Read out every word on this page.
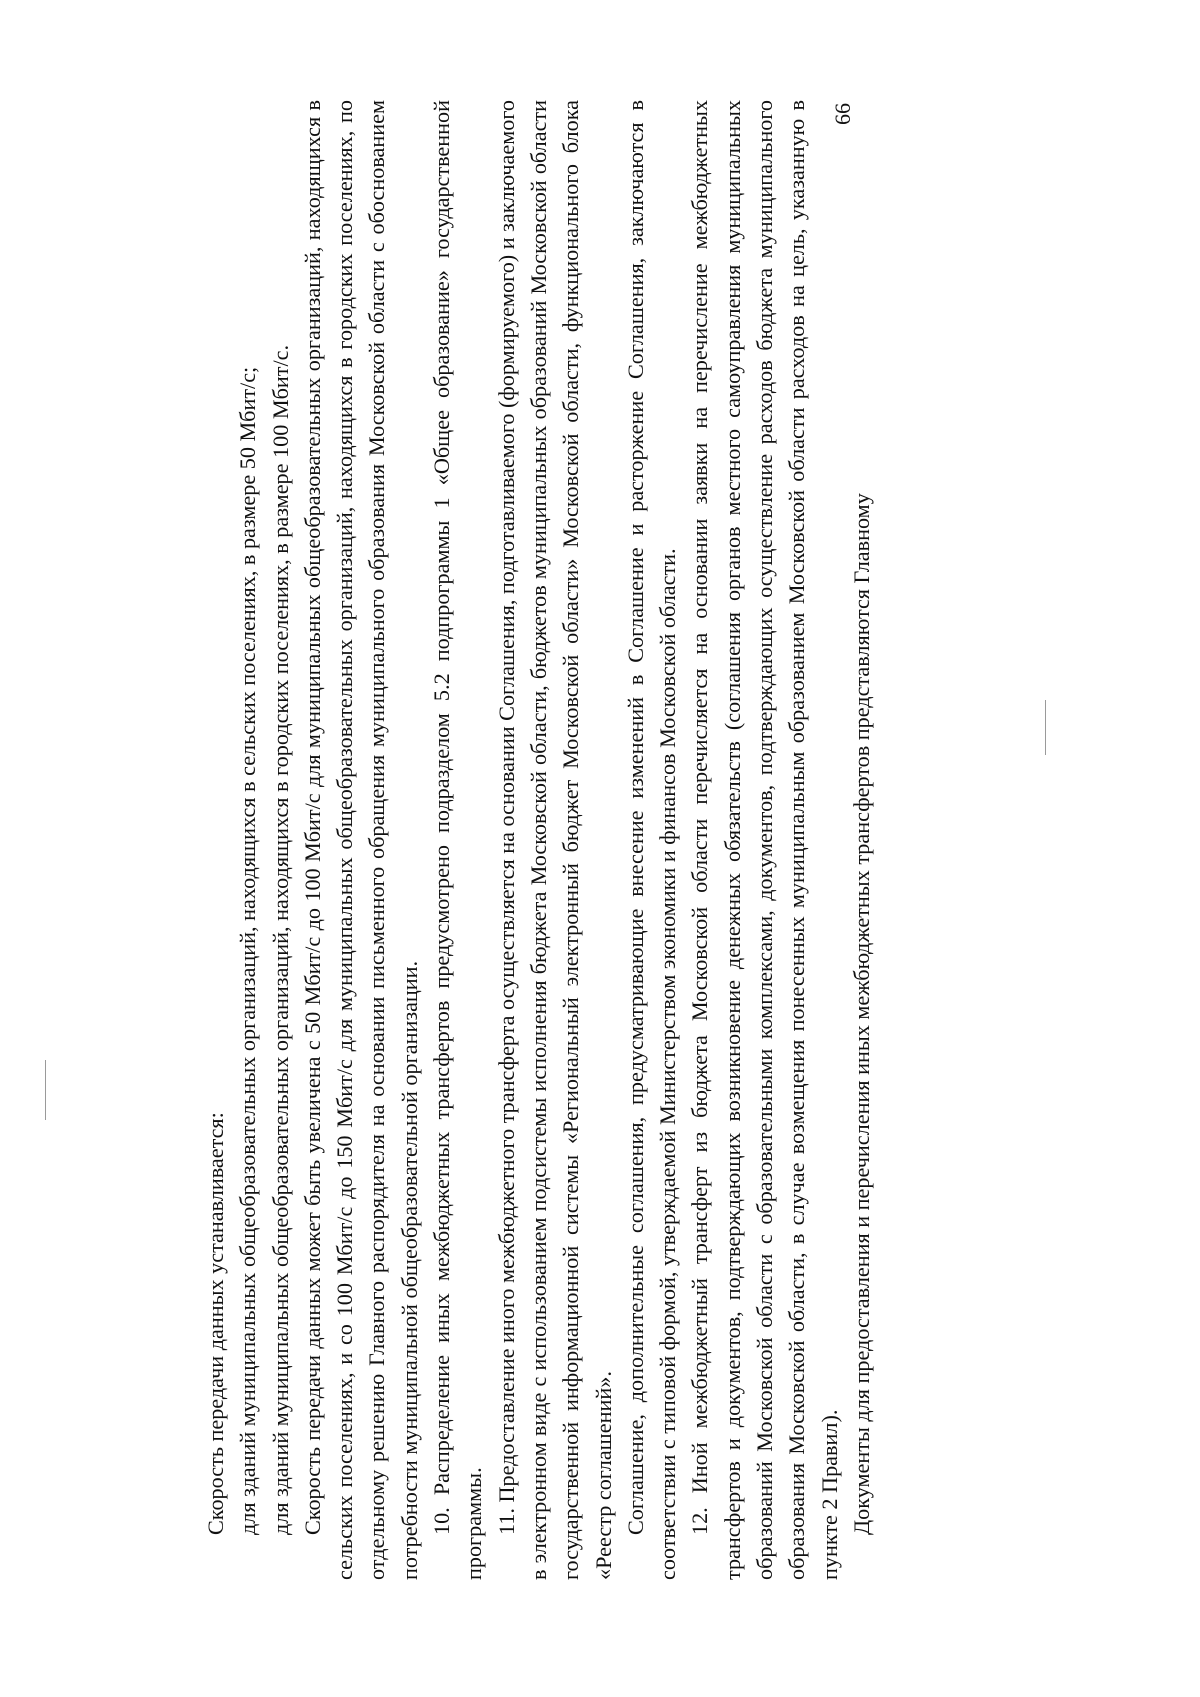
66

Скорость передачи данных устанавливается: для зданий муниципальных общеобразовательных организаций, находящихся в сельских поселениях, в размере 50 Мбит/с; для зданий муниципальных общеобразовательных организаций, находящихся в городских поселениях, в размере 100 Мбит/с. Скорость передачи данных может быть увеличена с 50 Мбит/с до 100 Мбит/с для муниципальных общеобразовательных организаций, находящихся в сельских поселениях, и со 100 Мбит/с до 150 Мбит/с для муниципальных общеобразовательных организаций, находящихся в городских поселениях, по отдельному решению Главного распорядителя на основании письменного обращения муниципального образования Московской области с обоснованием потребности муниципальной общеобразовательной организации. 10. Распределение иных межбюджетных трансфертов предусмотрено подразделом 5.2 подпрограммы 1 «Общее образование» государственной программы. 11. Предоставление иного межбюджетного трансферта осуществляется на основании Соглашения, подготавливаемого (формируемого) и заключаемого в электронном виде с использованием подсистемы исполнения бюджета Московской области, бюджетов муниципальных образований Московской области государственной информационной системы «Региональный электронный бюджет Московской области» Московской области, функционального блока «Реестр соглашений». Соглашение, дополнительные соглашения, предусматривающие внесение изменений в Соглашение и расторжение Соглашения, заключаются в соответствии с типовой формой, утверждаемой Министерством экономики и финансов Московской области. 12. Иной межбюджетный трансферт из бюджета Московской области перечисляется на основании заявки на перечисление межбюджетных трансфертов и документов, подтверждающих возникновение денежных обязательств (соглашения органов местного самоуправления муниципальных образований Московской области с образовательными комплексами, документов, подтверждающих осуществление расходов бюджета муниципального образования Московской области, в случае возмещения понесенных муниципальным образованием Московской области расходов на цель, указанную в пункте 2 Правил). Документы для предоставления и перечисления иных межбюджетных трансфертов представляются Главному
